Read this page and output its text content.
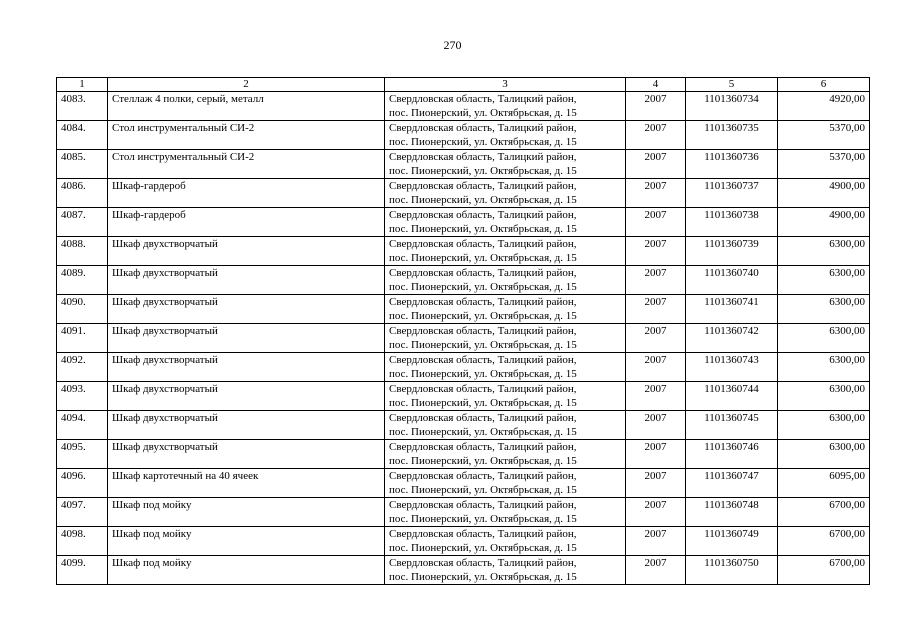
270
1	2	3	4	5	6
4083.	Стеллаж 4 полки, серый, металл	Свердловская область, Талицкий район,
пос. Пионерский, ул. Октябрьская, д. 15	2007	1101360734	4920,00
4084.	Стол инструментальный СИ-2	Свердловская область, Талицкий район,
пос. Пионерский, ул. Октябрьская, д. 15	2007	1101360735	5370,00
4085.	Стол инструментальный СИ-2	Свердловская область, Талицкий район,
пос. Пионерский, ул. Октябрьская, д. 15	2007	1101360736	5370,00
4086.	Шкаф-гардероб	Свердловская область, Талицкий район,
пос. Пионерский, ул. Октябрьская, д. 15	2007	1101360737	4900,00
4087.	Шкаф-гардероб	Свердловская область, Талицкий район,
пос. Пионерский, ул. Октябрьская, д. 15	2007	1101360738	4900,00
4088.	Шкаф двухстворчатый	Свердловская область, Талицкий район,
пос. Пионерский, ул. Октябрьская, д. 15	2007	1101360739	6300,00
4089.	Шкаф двухстворчатый	Свердловская область, Талицкий район,
пос. Пионерский, ул. Октябрьская, д. 15	2007	1101360740	6300,00
4090.	Шкаф двухстворчатый	Свердловская область, Талицкий район,
пос. Пионерский, ул. Октябрьская, д. 15	2007	1101360741	6300,00
4091.	Шкаф двухстворчатый	Свердловская область, Талицкий район,
пос. Пионерский, ул. Октябрьская, д. 15	2007	1101360742	6300,00
4092.	Шкаф двухстворчатый	Свердловская область, Талицкий район,
пос. Пионерский, ул. Октябрьская, д. 15	2007	1101360743	6300,00
4093.	Шкаф двухстворчатый	Свердловская область, Талицкий район,
пос. Пионерский, ул. Октябрьская, д. 15	2007	1101360744	6300,00
4094.	Шкаф двухстворчатый	Свердловская область, Талицкий район,
пос. Пионерский, ул. Октябрьская, д. 15	2007	1101360745	6300,00
4095.	Шкаф двухстворчатый	Свердловская область, Талицкий район,
пос. Пионерский, ул. Октябрьская, д. 15	2007	1101360746	6300,00
4096.	Шкаф картотечный на 40 ячеек	Свердловская область, Талицкий район,
пос. Пионерский, ул. Октябрьская, д. 15	2007	1101360747	6095,00
4097.	Шкаф под мойку	Свердловская область, Талицкий район,
пос. Пионерский, ул. Октябрьская, д. 15	2007	1101360748	6700,00
4098.	Шкаф под мойку	Свердловская область, Талицкий район,
пос. Пионерский, ул. Октябрьская, д. 15	2007	1101360749	6700,00
4099.	Шкаф под мойку	Свердловская область, Талицкий район,
пос. Пионерский, ул. Октябрьская, д. 15	2007	1101360750	6700,00
